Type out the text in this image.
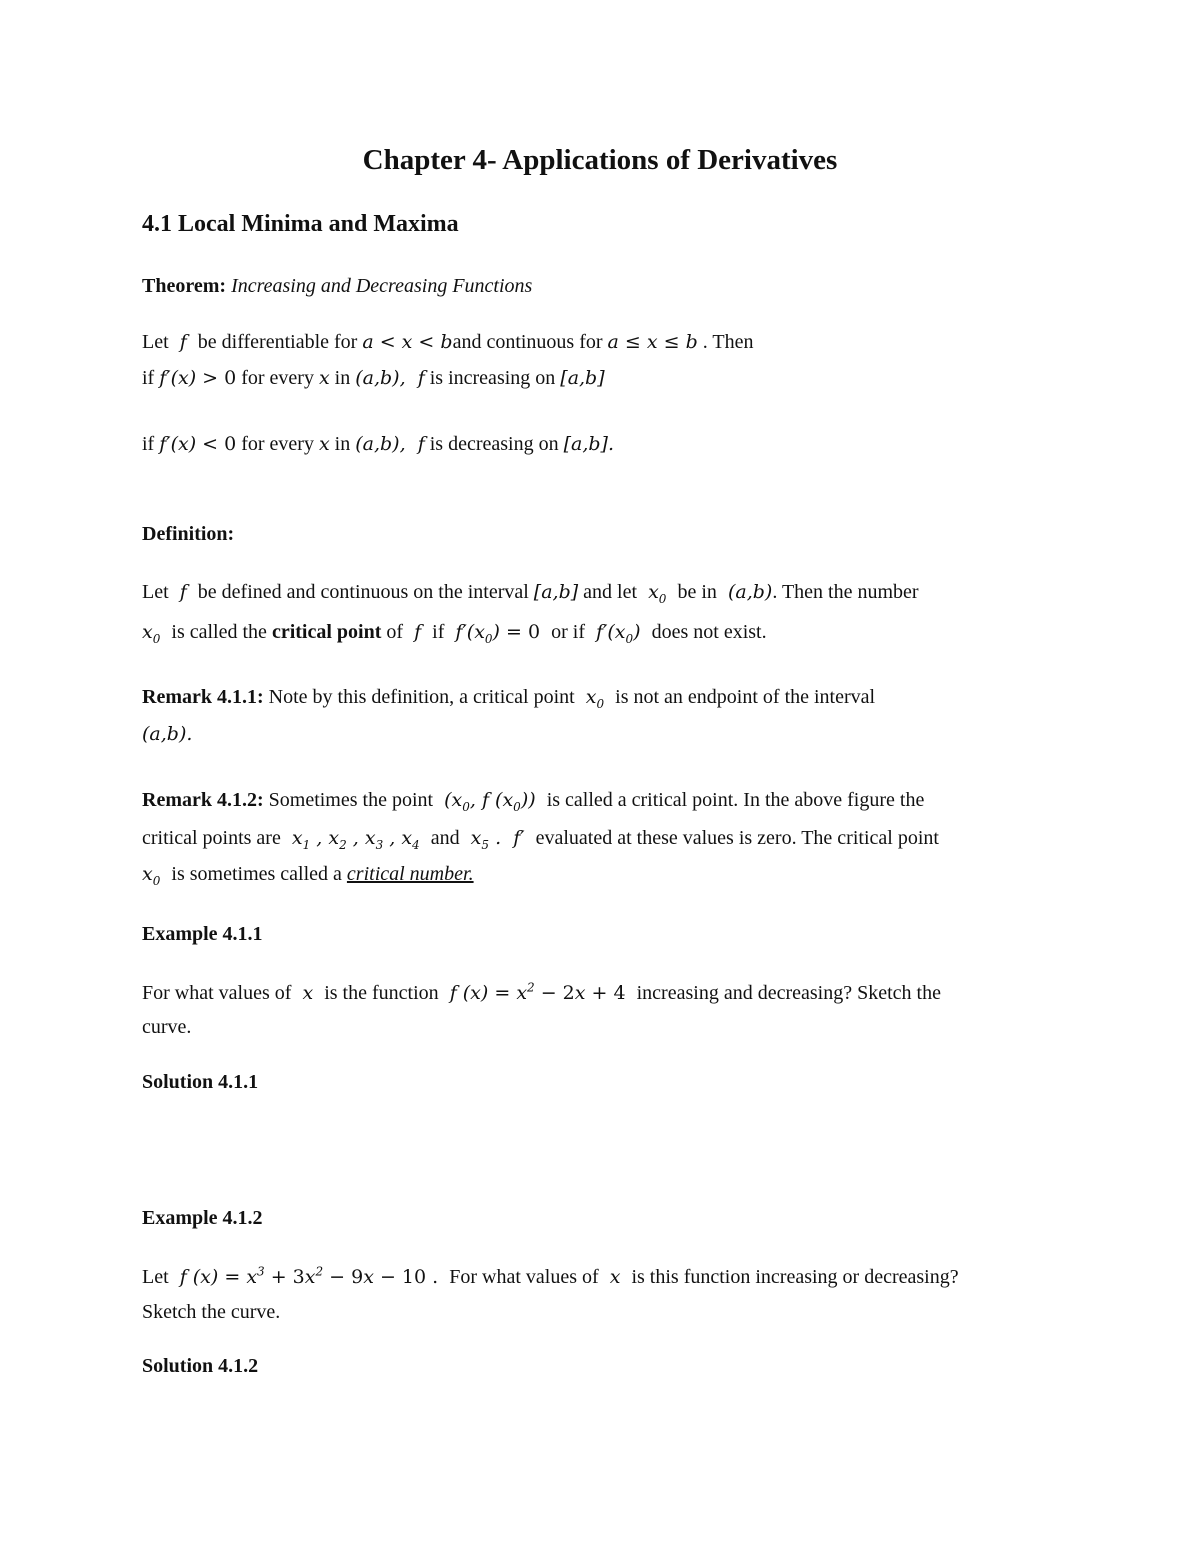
Chapter 4- Applications of Derivatives
4.1 Local Minima and Maxima
Theorem: Increasing and Decreasing Functions
Let  f  be differentiable for a < x < band continuous for a ≤ x ≤ b . Then
if f′(x) > 0 for every x in (a,b),  f is increasing on [a,b]
if f′(x) < 0 for every x in (a,b),  f is decreasing on [a,b].
Definition:
Let  f  be defined and continuous on the interval [a,b] and let  $x_0$ be in  (a,b). Then the number
$x_0$ is called the critical point of  f  if  $f'(x_0) = 0$ or if  $f'(x_0)$  does not exist.
Remark 4.1.1: Note by this definition, a critical point  $x_0$ is not an endpoint of the interval
(a,b).
Remark 4.1.2: Sometimes the point  ($x_0$, f $(x_0)$)  is called a critical point. In the above figure the
critical points are  $x_1$ , $x_2$ , $x_3$ , $x_4$ and  $x_5$ .  f′  evaluated at these values is zero. The critical point
$x_0$ is sometimes called a critical number.
Example 4.1.1
For what values of  x  is the function  f $(x) = x^2 - 2x + 4$ increasing and decreasing? Sketch the
curve.
Solution 4.1.1
Example 4.1.2
Let  f $(x) = x^3 + 3x^2 - 9x - 10$ . For what values of  x  is this function increasing or decreasing?
Sketch the curve.
Solution 4.1.2
